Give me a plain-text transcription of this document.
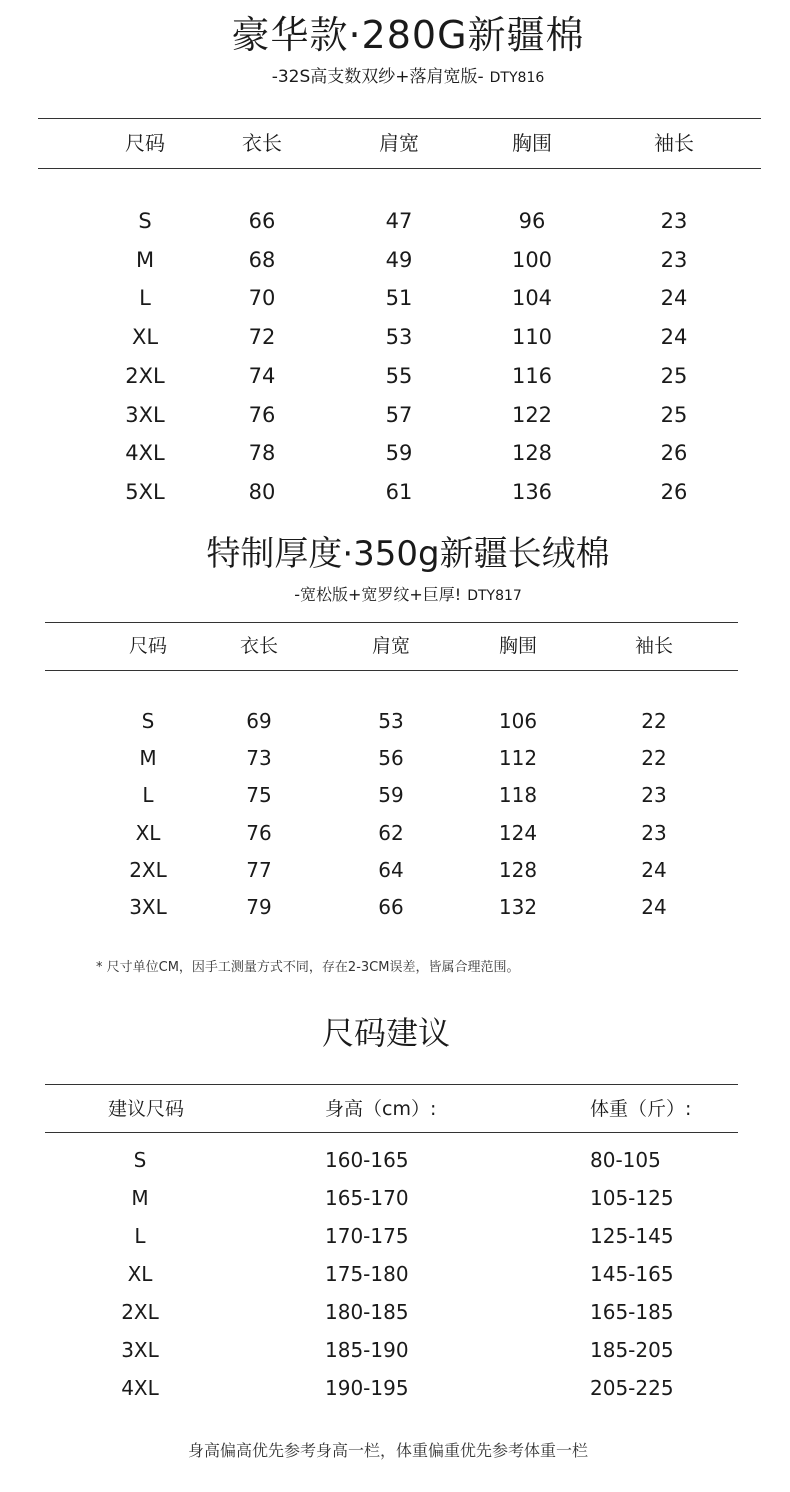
豪华款·280G新疆棉
-32S高支数双纱+落肩宽版- DTY816
尺码	衣长	肩宽	胸围	袖长
S	66	47	96	23
M	68	49	100	23
L	70	51	104	24
XL	72	53	110	24
2XL	74	55	116	25
3XL	76	57	122	25
4XL	78	59	128	26
5XL	80	61	136	26
特制厚度·350g新疆长绒棉
-宽松版+宽罗纹+巨厚! DTY817
尺码	衣长	肩宽	胸围	袖长
S	69	53	106	22
M	73	56	112	22
L	75	59	118	23
XL	76	62	124	23
2XL	77	64	128	24
3XL	79	66	132	24
* 尺寸单位CM，因手工测量方式不同，存在2-3CM误差，皆属合理范围。
尺码建议
建议尺码	身高（cm）:	体重（斤）:
S	160-165	80-105
M	165-170	105-125
L	170-175	125-145
XL	175-180	145-165
2XL	180-185	165-185
3XL	185-190	185-205
4XL	190-195	205-225
身高偏高优先参考身高一栏，体重偏重优先参考体重一栏
